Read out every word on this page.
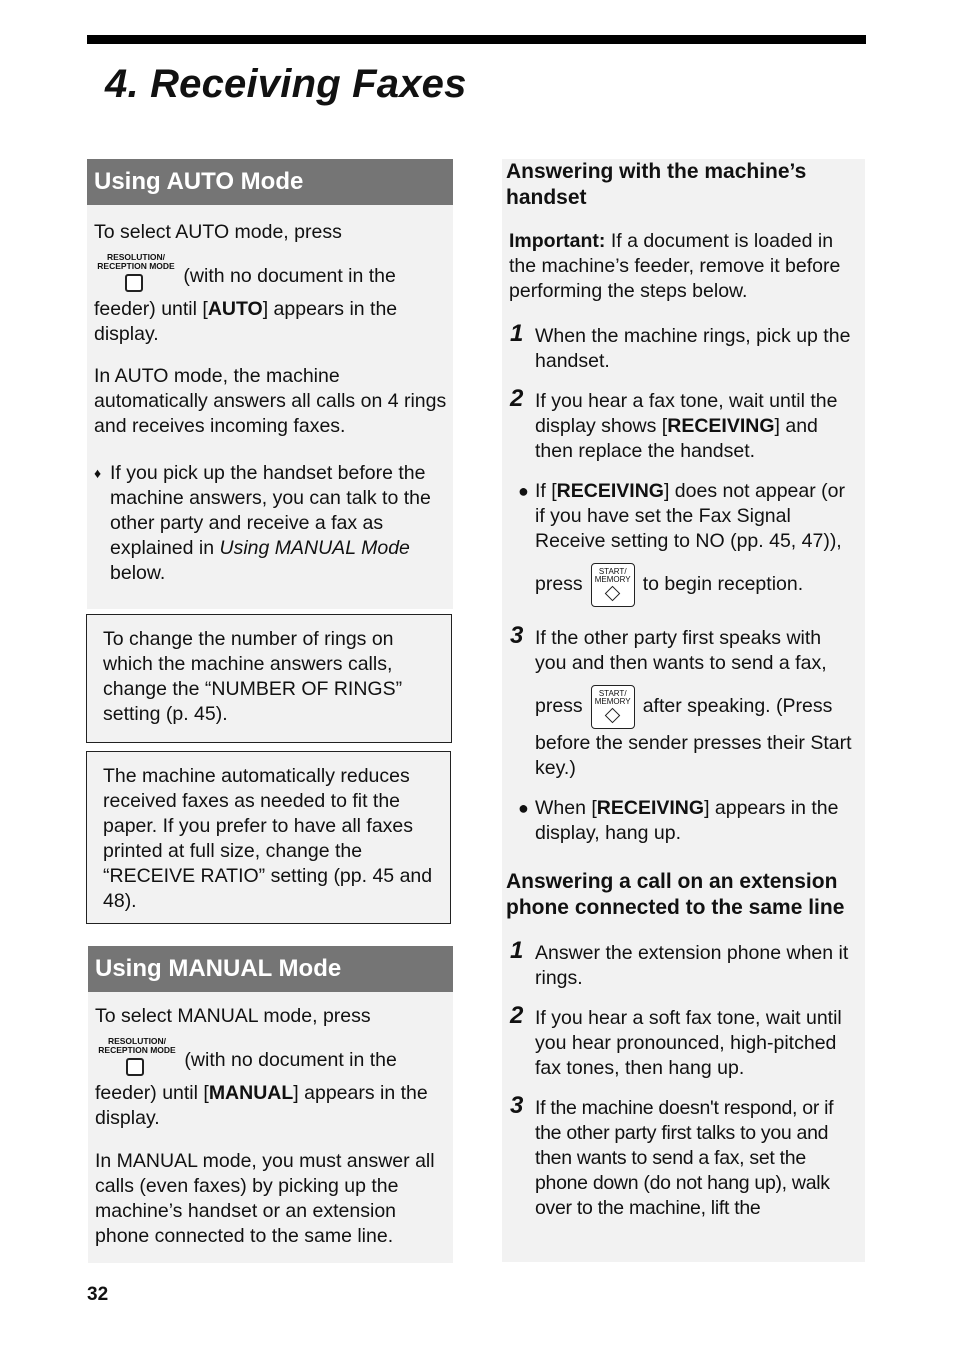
4. Receiving Faxes
Using AUTO Mode

To select AUTO mode, press

RESOLUTION/
RECEPTION MODE (with no document in the

feeder) until [AUTO] appears in the display.

In AUTO mode, the machine automatically answers all calls on 4 rings and receives incoming faxes.

♦ If you pick up the handset before the machine answers, you can talk to the other party and receive a fax as explained in Using MANUAL Mode below.

To change the number of rings on which the machine answers calls, change the “NUMBER OF RINGS” setting (p. 45).

The machine automatically reduces received faxes as needed to fit the paper. If you prefer to have all faxes printed at full size, change the “RECEIVE RATIO” setting (pp. 45 and 48).

Using MANUAL Mode

To select MANUAL mode, press

RESOLUTION/
RECEPTION MODE (with no document in the

feeder) until [MANUAL] appears in the display.

In MANUAL mode, you must answer all calls (even faxes) by picking up the machine’s handset or an extension phone connected to the same line.

Answering with the machine’s handset

Important: If a document is loaded in the machine’s feeder, remove it before performing the steps below.

1 When the machine rings, pick up the handset.
2 If you hear a fax tone, wait until the display shows [RECEIVING] and then replace the handset.
● If [RECEIVING] does not appear (or if you have set the Fax Signal Receive setting to NO (pp. 45, 47)),
press
START/
MEMORY to begin reception.
3 If the other party first speaks with you and then wants to send a fax,
press
START/
MEMORY after speaking. (Press
before the sender presses their Start key.)
● When [RECEIVING] appears in the display, hang up.
Answering a call on an extension phone connected to the same line
1 Answer the extension phone when it rings.
2 If you hear a soft fax tone, wait until you hear pronounced, high-pitched fax tones, then hang up.
3 If the machine doesn't respond, or if the other party first talks to you and then wants to send a fax, set the phone down (do not hang up), walk over to the machine, lift the
32
